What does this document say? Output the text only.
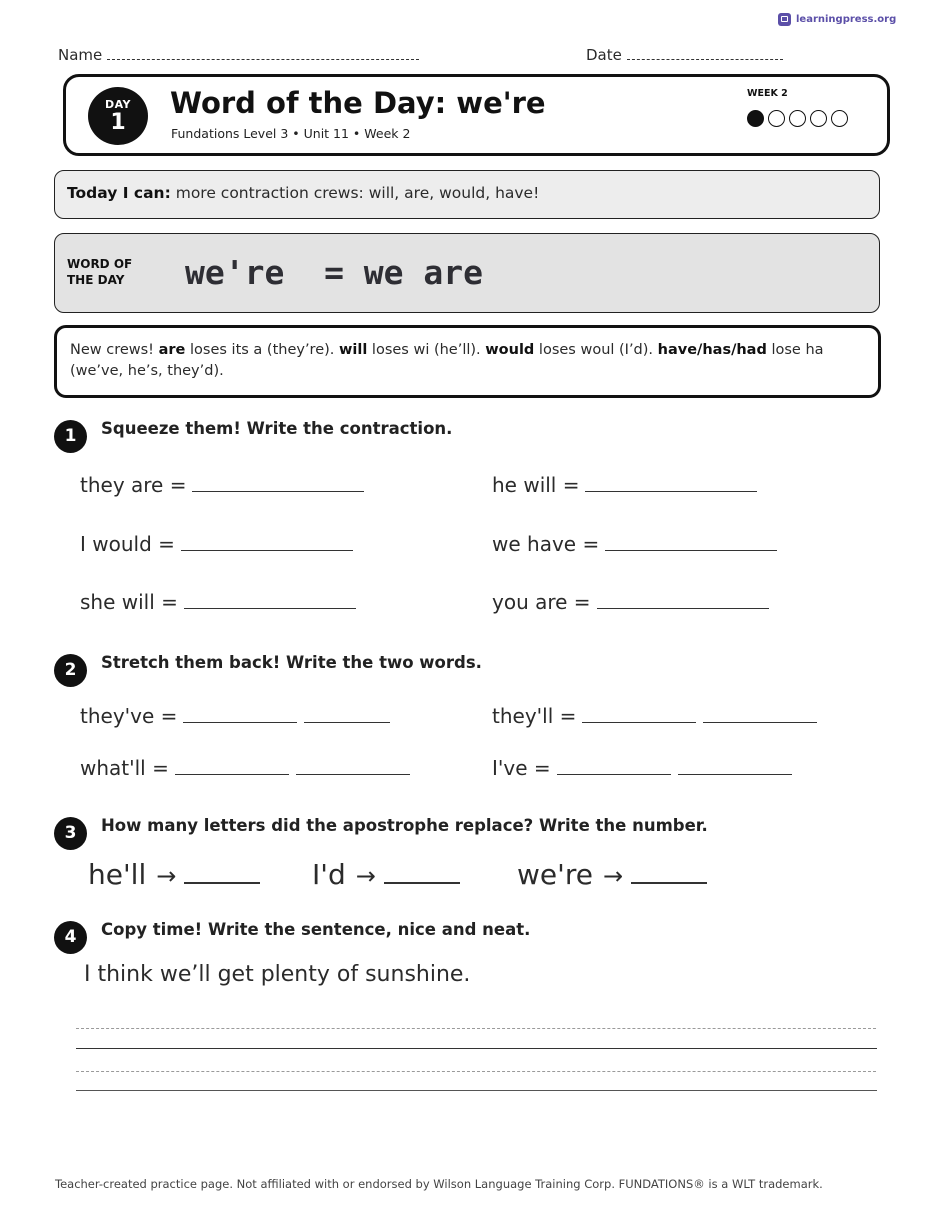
learningpress.org
Name	Date
DAY
1
Word of the Day: we're
Fundations Level 3 • Unit 11 • Week 2
WEEK 2
Today I can: more contraction crews: will, are, would, have!
WORD OF
THE DAY we're  = we are
New crews! are loses its a (they’re). will loses wi (he’ll). would loses woul (I’d). have/has/had lose ha (we’ve, he’s, they’d).
1	Squeeze them! Write the contraction.
they are =	he will =
I would =	we have =
she will =	you are =
2	Stretch them back! Write the two words.
they've =	they'll =
what'll =	I've =
3	How many letters did the apostrophe replace? Write the number.
he'll →	I'd →	we're →
4	Copy time! Write the sentence, nice and neat.
I think we’ll get plenty of sunshine.
Teacher-created practice page. Not affiliated with or endorsed by Wilson Language Training Corp. FUNDATIONS® is a WLT trademark.
